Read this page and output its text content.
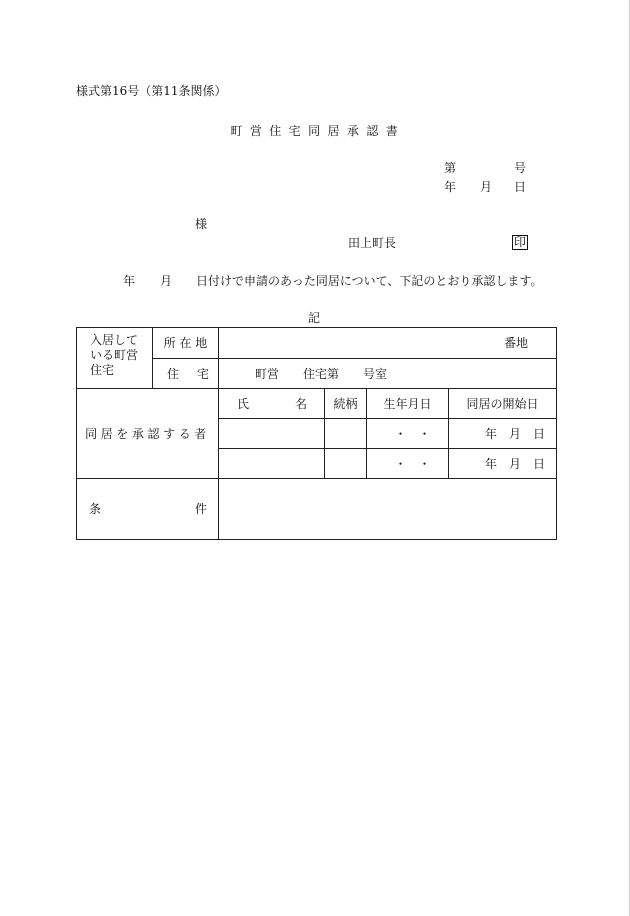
様式第16号（第11条関係）
町 営 住 宅 同 居 承 認 書
第	号
年 月 日
様
田上町長	印
年 月 日付けで申請のあった同居について、下記のとおり承認します。
記
入居して
いる町営
住宅	所 在 地	番地			

	住 宅	町営 住宅第 号室			

同居を承認する者		氏 名	続柄	生年月日	同居の開始日
				・　・	年 月 日

				・　・	年 月 日

条 件					
